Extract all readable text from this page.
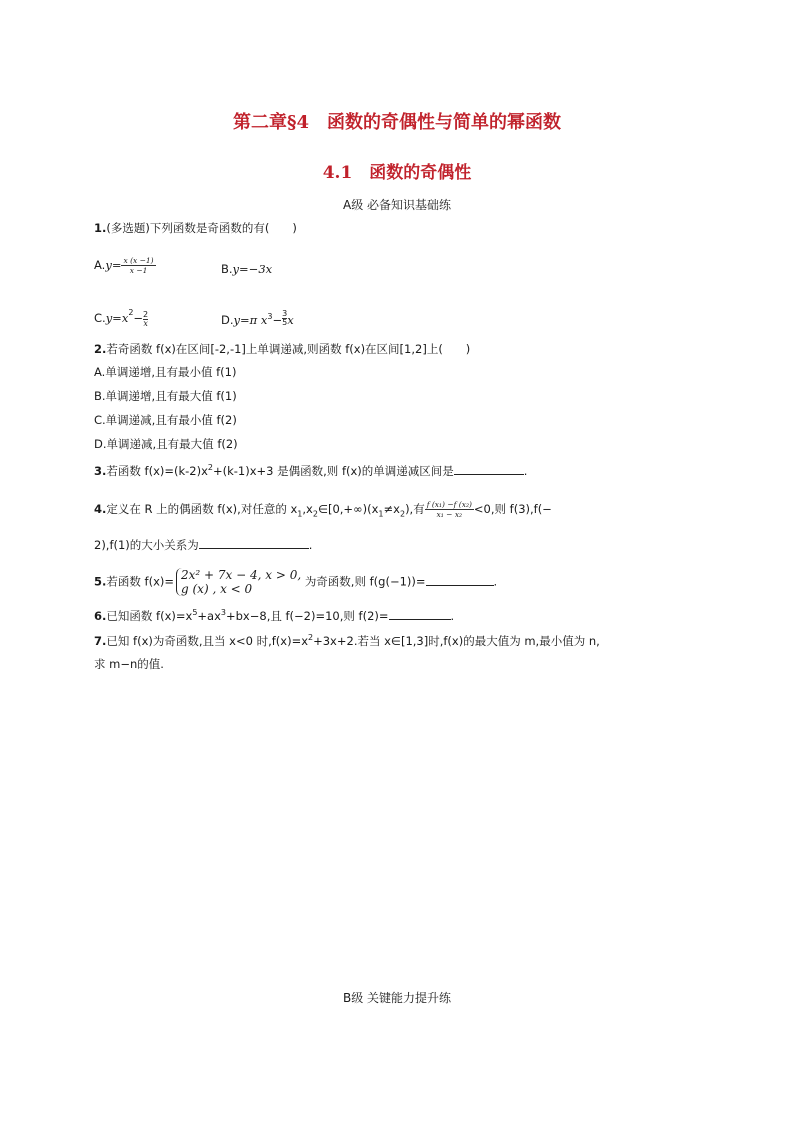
第二章§4　函数的奇偶性与简单的幂函数
4.1　函数的奇偶性
A级 必备知识基础练
1.(多选题)下列函数是奇函数的有(　　)
$A.y= \frac{x (x -1)}{x -1}$	B.y=−3x
C.y=x $2 - \frac{2}{x}$	D.y=π $x^3- \frac{3}{5}$ x
2.若奇函数 f(x)在区间[-2,-1]上单调递减,则函数 f(x)在区间[1,2]上(　　)
A.单调递增,且有最小值 f(1)
B.单调递增,且有最大值 f(1)
C.单调递减,且有最小值 f(2)
D.单调递减,且有最大值 f(2)
3.若函数 $f(x)=(k-2)x^2+(k-1)x+3$ 是偶函数,则 f(x)的单调递减区间是	.
4.定义在 R 上的偶函数 f(x),对任意的 $x_1,x_2\in[0,+\infty)(x_1\ne x_2)$,有 $\frac{\text{f (x₁) −f (x₂)}}{\text{x₁ − x₂}} <0$,则 f(3),f(−
2),f(1)的大小关系为	.
5.若函数 f(x)= 2x² + 7x − 4, x > 0,
g (x) , x < 0
为奇函数,则 f(g(−1))=	.
6.已知函数 $f(x)=x^5+ax^3+bx-8$,且 f(−2)=10,则 f(2)=	.
7.已知 f(x)为奇函数,且当 x<0 时$,f(x)=x^2+3x+2$.若当 x∈[1,3]时,f(x)的最大值为 m,最小值为 n,
求 m−n的值.
B级 关键能力提升练
